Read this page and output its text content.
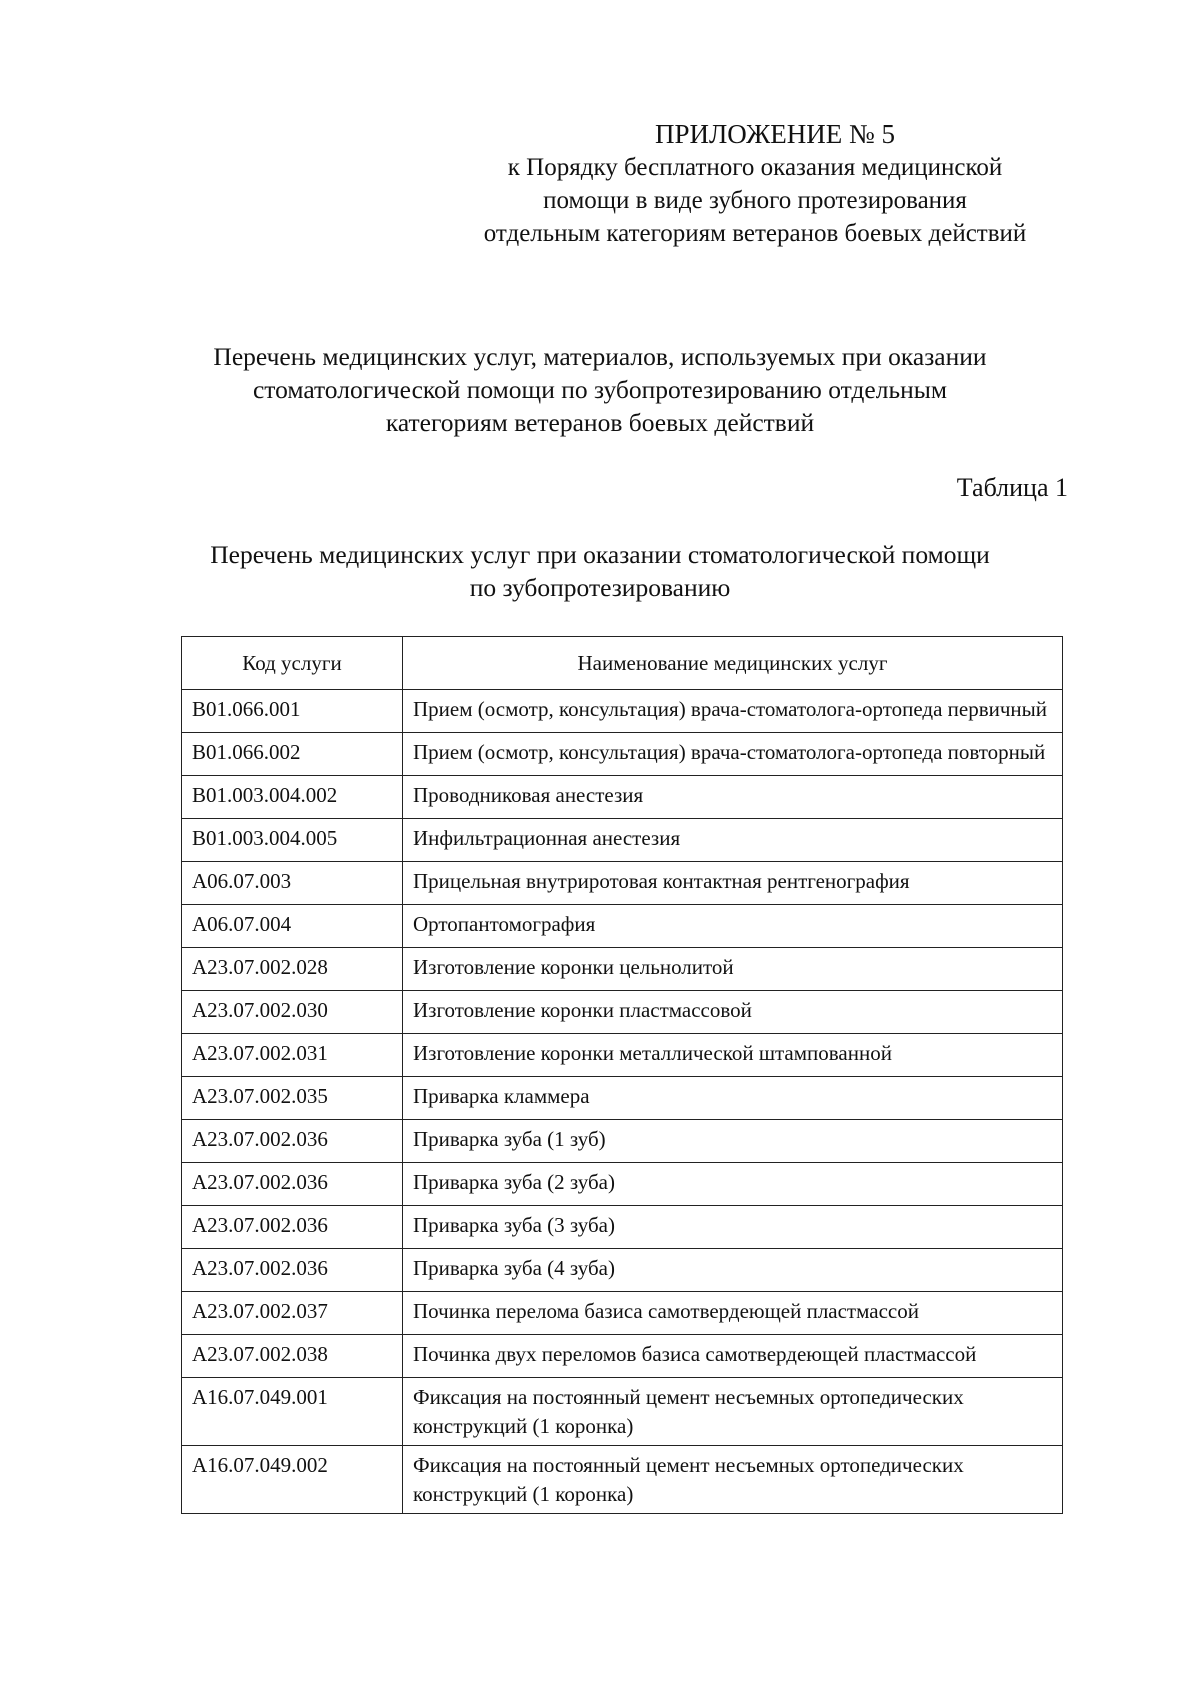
ПРИЛОЖЕНИЕ № 5
к Порядку бесплатного оказания медицинской
помощи в виде зубного протезирования
отдельным категориям ветеранов боевых действий
Перечень медицинских услуг, материалов, используемых при оказании
стоматологической помощи по зубопротезированию отдельным
категориям ветеранов боевых действий
Таблица 1
Перечень медицинских услуг при оказании стоматологической помощи
по зубопротезированию
Код услуги	Наименование медицинских услуг
B01.066.001	Прием (осмотр, консультация) врача-стоматолога-ортопеда первичный
B01.066.002	Прием (осмотр, консультация) врача-стоматолога-ортопеда повторный
B01.003.004.002	Проводниковая анестезия
B01.003.004.005	Инфильтрационная анестезия
A06.07.003	Прицельная внутриротовая контактная рентгенография
A06.07.004	Ортопантомография
A23.07.002.028	Изготовление коронки цельнолитой
A23.07.002.030	Изготовление коронки пластмассовой
A23.07.002.031	Изготовление коронки металлической штампованной
A23.07.002.035	Приварка кламмера
A23.07.002.036	Приварка зуба (1 зуб)
A23.07.002.036	Приварка зуба (2 зуба)
A23.07.002.036	Приварка зуба (3 зуба)
A23.07.002.036	Приварка зуба (4 зуба)
A23.07.002.037	Починка перелома базиса самотвердеющей пластмассой
A23.07.002.038	Починка двух переломов базиса самотвердеющей пластмассой
A16.07.049.001	Фиксация на постоянный цемент несъемных ортопедических конструкций (1 коронка)
A16.07.049.002	Фиксация на постоянный цемент несъемных ортопедических конструкций (1 коронка)
